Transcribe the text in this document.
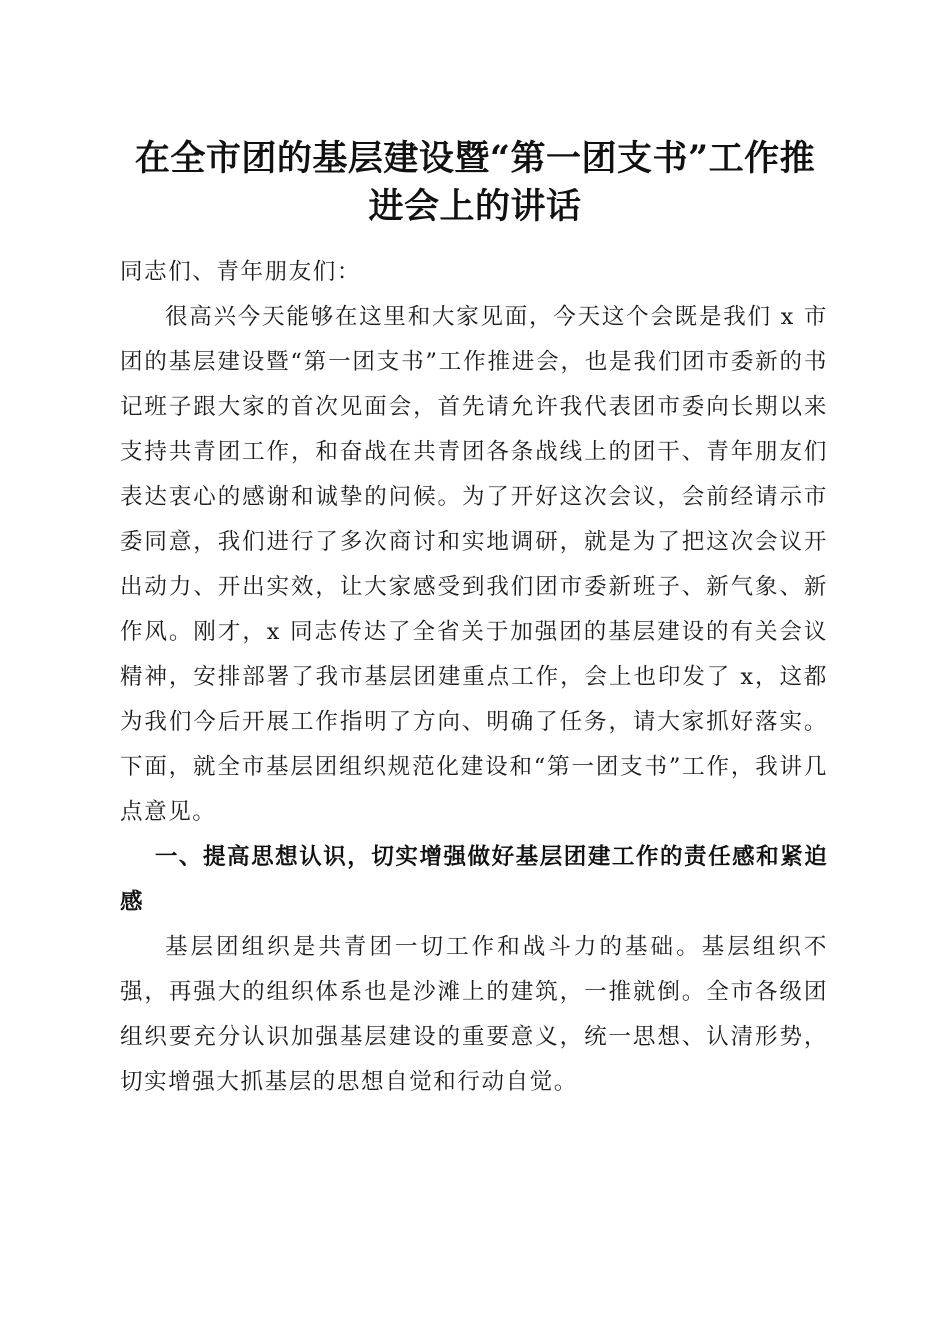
在全市团的基层建设暨“第一团支书”工作推
进会上的讲话

同志们、青年朋友们：

很高兴今天能够在这里和大家见面，今天这个会既是我们 x 市团的基层建设暨“第一团支书”工作推进会，也是我们团市委新的书记班子跟大家的首次见面会，首先请允许我代表团市委向长期以来支持共青团工作，和奋战在共青团各条战线上的团干、青年朋友们表达衷心的感谢和诚挚的问候。为了开好这次会议，会前经请示市委同意，我们进行了多次商讨和实地调研，就是为了把这次会议开出动力、开出实效，让大家感受到我们团市委新班子、新气象、新作风。刚才，x 同志传达了全省关于加强团的基层建设的有关会议精神，安排部署了我市基层团建重点工作，会上也印发了 x，这都为我们今后开展工作指明了方向、明确了任务，请大家抓好落实。下面，就全市基层团组织规范化建设和“第一团支书”工作，我讲几点意见。

一、提高思想认识，切实增强做好基层团建工作的责任感和紧迫感

基层团组织是共青团一切工作和战斗力的基础。基层组织不强，再强大的组织体系也是沙滩上的建筑，一推就倒。全市各级团组织要充分认识加强基层建设的重要意义，统一思想、认清形势，切实增强大抓基层的思想自觉和行动自觉。
